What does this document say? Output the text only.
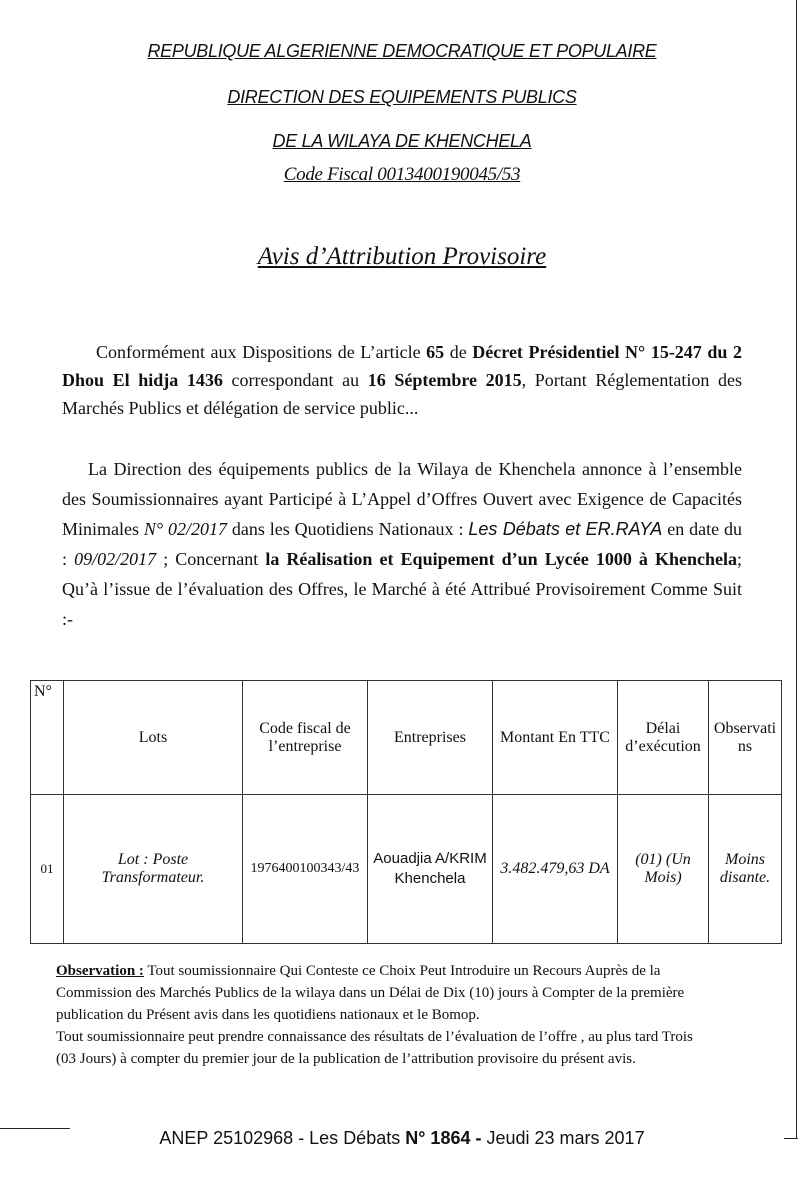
REPUBLIQUE ALGERIENNE DEMOCRATIQUE ET POPULAIRE
DIRECTION DES EQUIPEMENTS PUBLICS
DE LA WILAYA DE KHENCHELA
Code Fiscal 0013400190045/53
Avis d’Attribution Provisoire

Conformément aux Dispositions de L’article 65 de Décret Présidentiel N° 15-247 du 2 Dhou El hidja 1436 correspondant au 16 Séptembre 2015, Portant Réglementation des Marchés Publics et délégation de service public...

La Direction des équipements publics de la Wilaya de Khenchela annonce à l’ensemble des Soumissionnaires ayant Participé à L’Appel d’Offres Ouvert avec Exigence de Capacités Minimales N° 02/2017 dans les Quotidiens Nationaux : Les Débats et ER.RAYA en date du : 09/02/2017 ; Concernant la Réalisation et Equipement d’un Lycée 1000 à Khenchela; Qu’à l’issue de l’évaluation des Offres, le Marché à été Attribué Provisoirement Comme Suit :-

N°	Lots	Code fiscal de l’entreprise	Entreprises	Montant En TTC	Délai d’exécution	Observati ns
01	Lot : Poste Transformateur.	1976400100343/43	Aouadjia A/KRIM Khenchela	3.482.479,63 DA	(01) (Un Mois)	Moins disante.

Observation : Tout soumissionnaire Qui Conteste ce Choix Peut Introduire un Recours Auprès de la Commission des Marchés Publics de la wilaya dans un Délai de Dix (10) jours à Compter de la première publication du Présent avis dans les quotidiens nationaux et le Bomop.
Tout soumissionnaire peut prendre connaissance des résultats de l’évaluation de l’offre , au plus tard Trois (03 Jours) à compter du premier jour de la publication de l’attribution provisoire du présent avis.

ANEP 25102968 - Les Débats N° 1864 - Jeudi 23 mars 2017
